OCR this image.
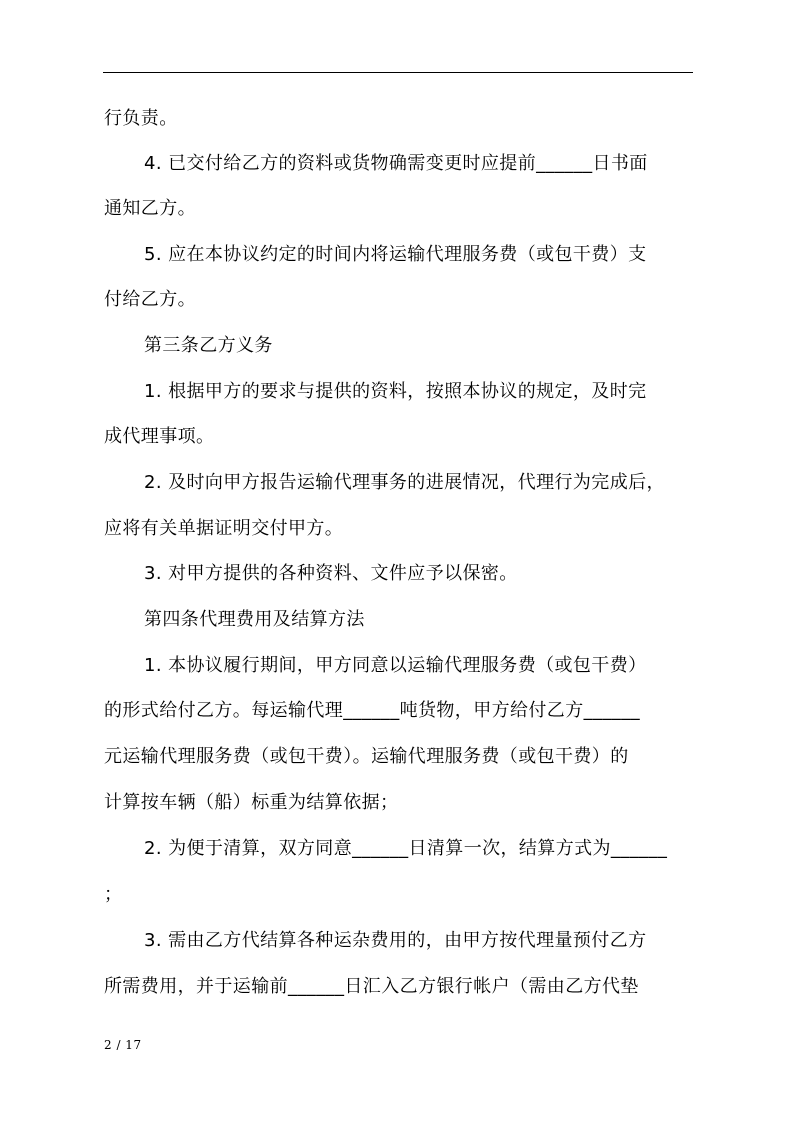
行负责。
4. 已交付给乙方的资料或货物确需变更时应提前______日书面
通知乙方。
5. 应在本协议约定的时间内将运输代理服务费（或包干费）支
付给乙方。
第三条乙方义务
1. 根据甲方的要求与提供的资料，按照本协议的规定，及时完
成代理事项。
2. 及时向甲方报告运输代理事务的进展情况，代理行为完成后，
应将有关单据证明交付甲方。
3. 对甲方提供的各种资料、文件应予以保密。
第四条代理费用及结算方法
1. 本协议履行期间，甲方同意以运输代理服务费（或包干费）
的形式给付乙方。每运输代理______吨货物，甲方给付乙方______
元运输代理服务费（或包干费）。运输代理服务费（或包干费）的
计算按车辆（船）标重为结算依据；
2. 为便于清算，双方同意______日清算一次，结算方式为______
；
3. 需由乙方代结算各种运杂费用的，由甲方按代理量预付乙方
所需费用，并于运输前______日汇入乙方银行帐户（需由乙方代垫
2 / 17
